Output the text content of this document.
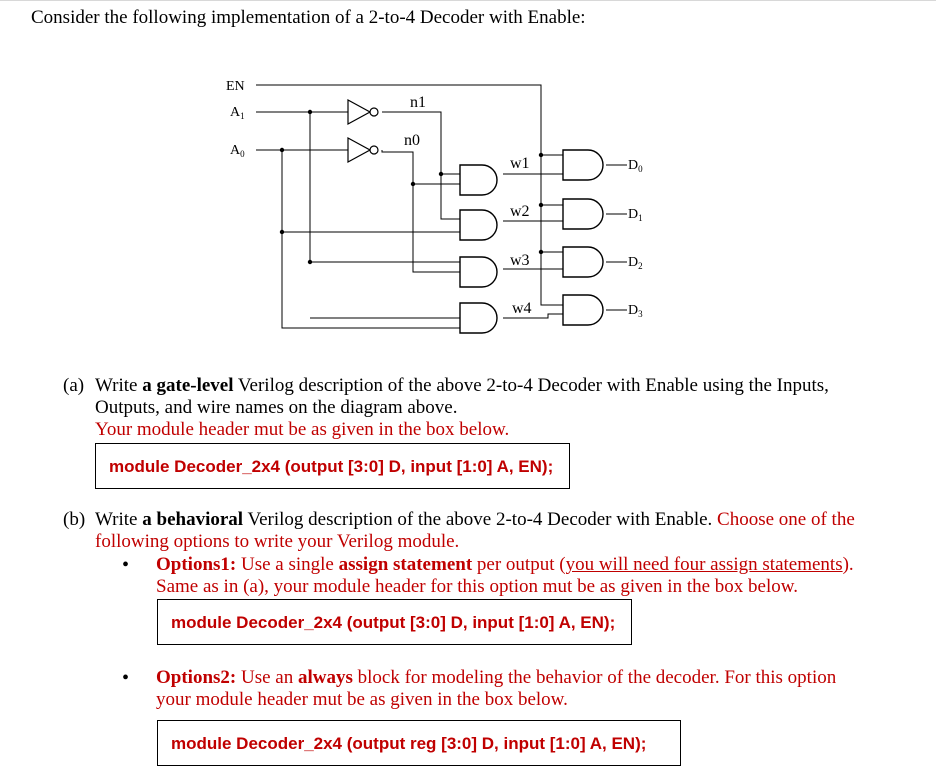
Consider the following implementation of a 2-to-4 Decoder with Enable:
EN
$A_1$
$A_0$
n1
n0
w1
w2
w3
w4
$D_0$
$D_1$
$D_2$
$D_3$
(a) Write a gate-level Verilog description of the above 2-to-4 Decoder with Enable using the Inputs,
Outputs, and wire names on the diagram above.
Your module header mut be as given in the box below.
module Decoder_2x4 (output [3:0] D, input [1:0] A, EN);
(b) Write a behavioral Verilog description of the above 2-to-4 Decoder with Enable. Choose one of the
following options to write your Verilog module.
• Options1: Use a single assign statement per output (you will need four assign statements).
Same as in (a), your module header for this option mut be as given in the box below.
module Decoder_2x4 (output [3:0] D, input [1:0] A, EN);
• Options2: Use an always block for modeling the behavior of the decoder. For this option
your module header mut be as given in the box below.
module Decoder_2x4 (output reg [3:0] D, input [1:0] A, EN);
